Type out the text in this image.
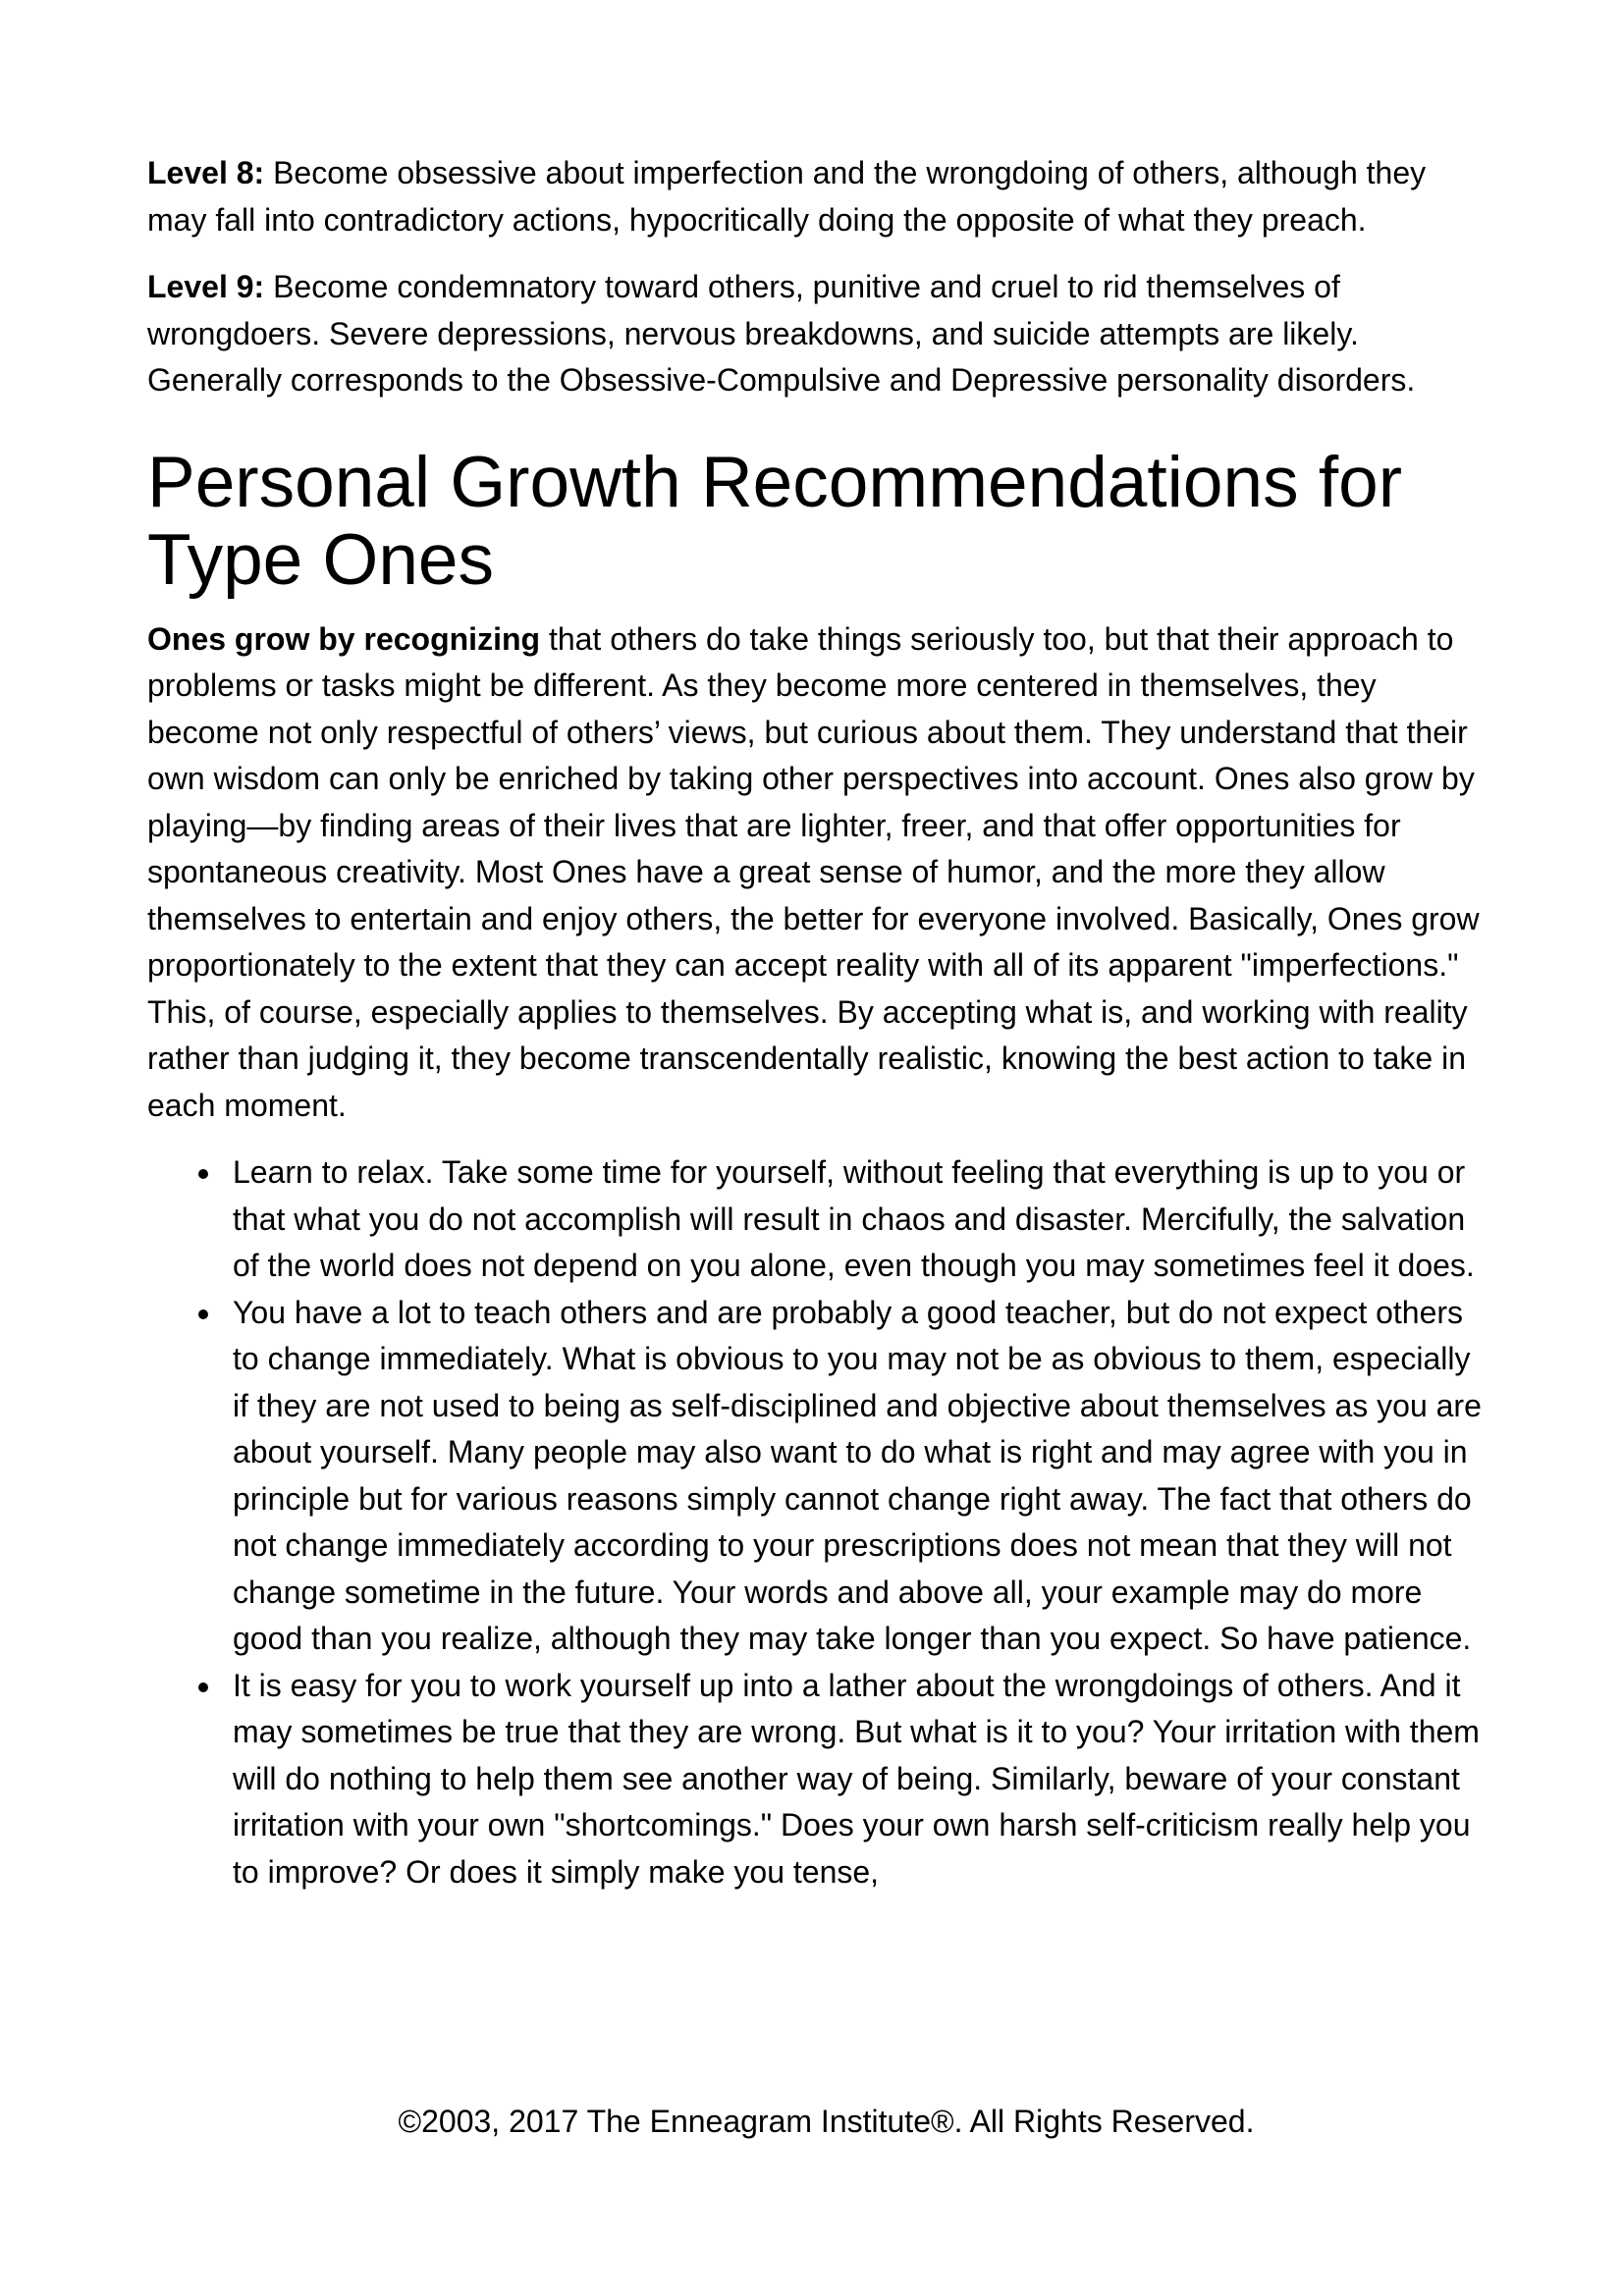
Level 8: Become obsessive about imperfection and the wrongdoing of others, although they may fall into contradictory actions, hypocritically doing the opposite of what they preach.

Level 9: Become condemnatory toward others, punitive and cruel to rid themselves of wrongdoers. Severe depressions, nervous breakdowns, and suicide attempts are likely. Generally corresponds to the Obsessive-Compulsive and Depressive personality disorders.

Personal Growth Recommendations for Type Ones

Ones grow by recognizing that others do take things seriously too, but that their approach to problems or tasks might be different. As they become more centered in themselves, they become not only respectful of others’ views, but curious about them. They understand that their own wisdom can only be enriched by taking other perspectives into account. Ones also grow by playing—by finding areas of their lives that are lighter, freer, and that offer opportunities for spontaneous creativity. Most Ones have a great sense of humor, and the more they allow themselves to entertain and enjoy others, the better for everyone involved. Basically, Ones grow proportionately to the extent that they can accept reality with all of its apparent "imperfections." This, of course, especially applies to themselves. By accepting what is, and working with reality rather than judging it, they become transcendentally realistic, knowing the best action to take in each moment.

Learn to relax. Take some time for yourself, without feeling that everything is up to you or that what you do not accomplish will result in chaos and disaster. Mercifully, the salvation of the world does not depend on you alone, even though you may sometimes feel it does.
You have a lot to teach others and are probably a good teacher, but do not expect others to change immediately. What is obvious to you may not be as obvious to them, especially if they are not used to being as self-disciplined and objective about themselves as you are about yourself. Many people may also want to do what is right and may agree with you in principle but for various reasons simply cannot change right away. The fact that others do not change immediately according to your prescriptions does not mean that they will not change sometime in the future. Your words and above all, your example may do more good than you realize, although they may take longer than you expect. So have patience.
It is easy for you to work yourself up into a lather about the wrongdoings of others. And it may sometimes be true that they are wrong. But what is it to you? Your irritation with them will do nothing to help them see another way of being. Similarly, beware of your constant irritation with your own "shortcomings." Does your own harsh self-criticism really help you to improve? Or does it simply make you tense,
©2003, 2017 The Enneagram Institute®. All Rights Reserved.
